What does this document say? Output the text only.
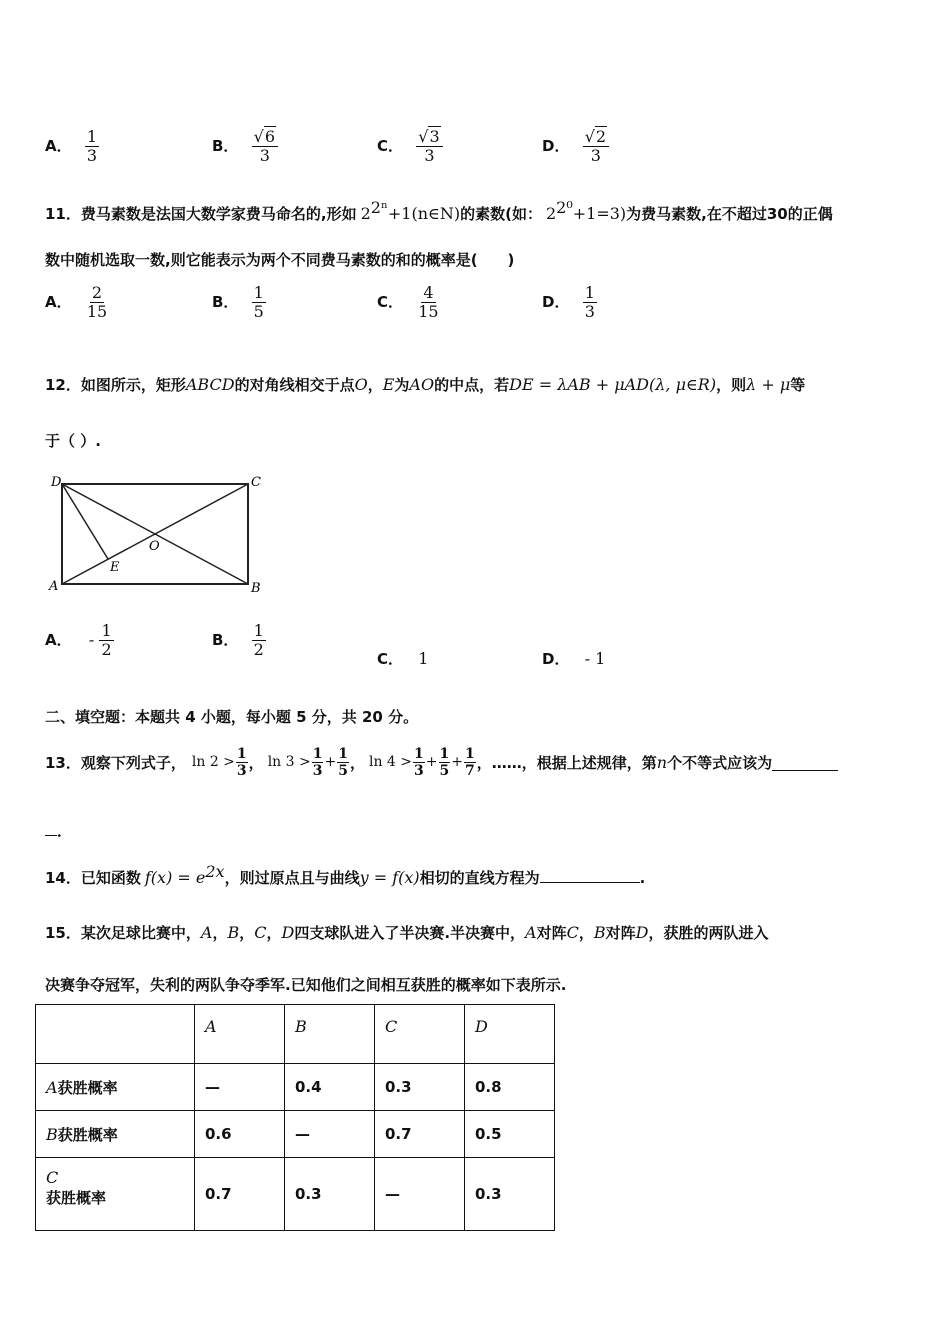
A． $\frac{1}{3}$	B． $\frac{√6}{3}$	C． $\frac{√3}{3}$	D． $\frac{√2}{3}$
11．费马素数是法国大数学家费马命名的,形如 $2^{2^n}+1(n\in N)$的素数(如： $2^{2^0}+1=3$)为费马素数,在不超过30的正偶
数中随机选取一数,则它能表示为两个不同费马素数的和的概率是(　　)
A． $\frac{2}{15}$	B． $\frac{1}{5}$	C． $\frac{4}{15}$	D． $\frac{1}{3}$
12．如图所示，矩形ABCD的对角线相交于点O，E为AO的中点，若DE = λAB + μAD(λ, μ∈R)，则λ + μ等
于（ ）.
D	C
A	B
O
E
A． - $\frac{1}{2}$	B． $\frac{1}{2}$	C． 1	D． - 1
二、填空题：本题共 4 小题，每小题 5 分，共 20 分。
13．观察下列式子， $\ln 2 > \frac{1}{3}$ ， $\ln 3 > \frac{1}{3} + \frac{1}{5}$ ， $\ln 4 > \frac{1}{3} + \frac{1}{5} + \frac{1}{7}$ ，……，根据上述规律，第 n 个不等式应该为
．
14．已知函数 $f(x) = e^{2x}$，则过原点且与曲线y = f(x)相切的直线方程为	.
15．某次足球比赛中，A，B，C，D四支球队进入了半决赛.半决赛中，A对阵C，B对阵D，获胜的两队进入
决赛争夺冠军，失利的两队争夺季军.已知他们之间相互获胜的概率如下表所示.
	A	B	C	D
A获胜概率	—	0.4	0.3	0.8
B获胜概率	0.6	—	0.7	0.5

C
获胜概率	0.7	0.3	—	0.3
